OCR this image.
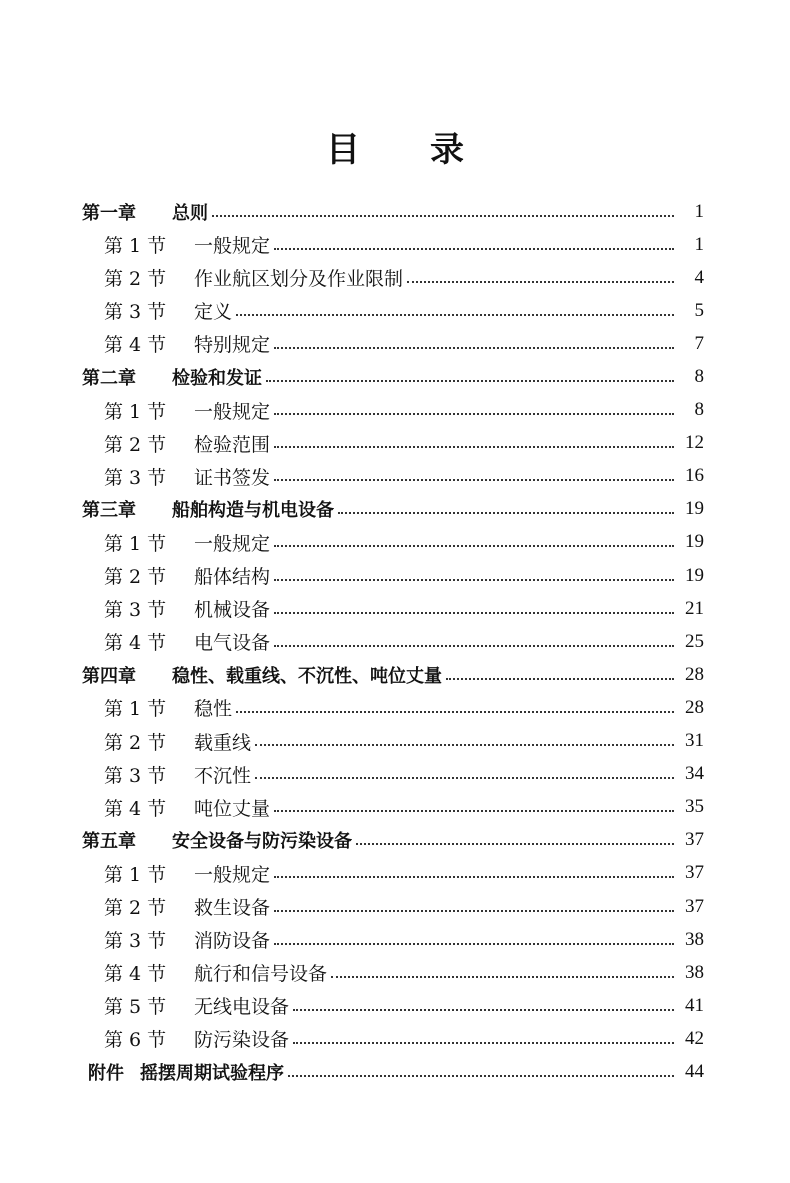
目 录
第一章	总则	1
第 1 节	一般规定	1
第 2 节	作业航区划分及作业限制	4
第 3 节	定义	5
第 4 节	特别规定	7
第二章	检验和发证	8
第 1 节	一般规定	8
第 2 节	检验范围	12
第 3 节	证书签发	16
第三章	船舶构造与机电设备	19
第 1 节	一般规定	19
第 2 节	船体结构	19
第 3 节	机械设备	21
第 4 节	电气设备	25
第四章	稳性、载重线、不沉性、吨位丈量	28
第 1 节	稳性	28
第 2 节	载重线	31
第 3 节	不沉性	34
第 4 节	吨位丈量	35
第五章	安全设备与防污染设备	37
第 1 节	一般规定	37
第 2 节	救生设备	37
第 3 节	消防设备	38
第 4 节	航行和信号设备	38
第 5 节	无线电设备	41
第 6 节	防污染设备	42
附件 摇摆周期试验程序	44
